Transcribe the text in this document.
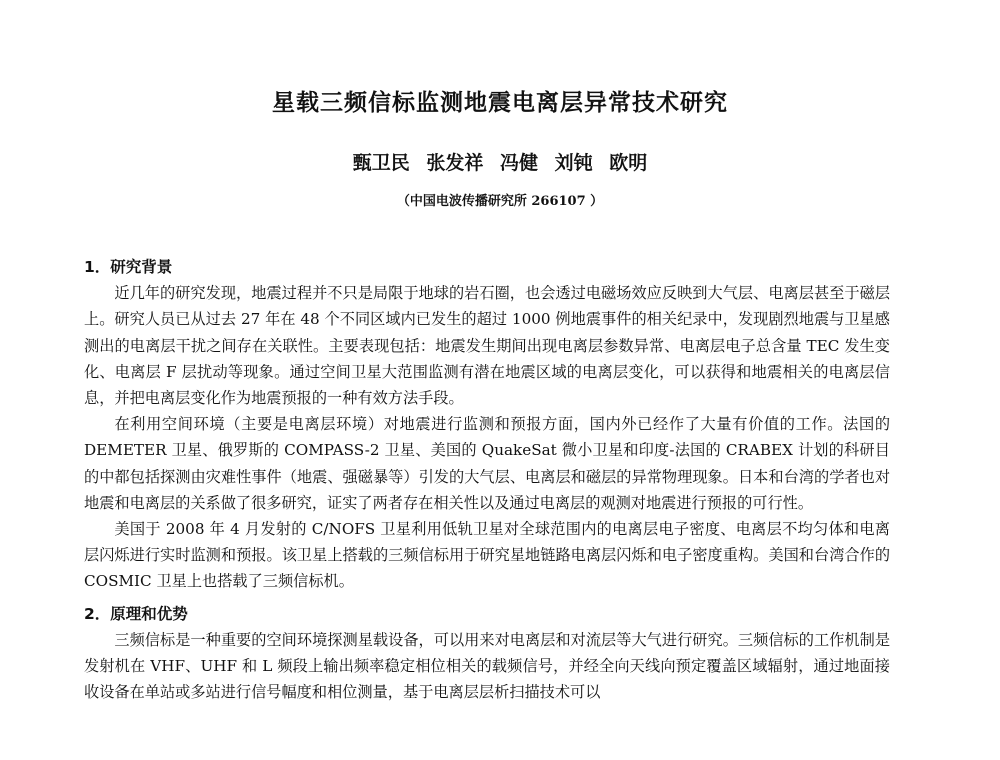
星载三频信标监测地震电离层异常技术研究

甄卫民 张发祥 冯健 刘钝 欧明

（中国电波传播研究所 266107 ）

1．研究背景

近几年的研究发现，地震过程并不只是局限于地球的岩石圈，也会透过电磁场效应反映到大气层、电离层甚至于磁层上。研究人员已从过去 27 年在 48 个不同区域内已发生的超过 1000 例地震事件的相关纪录中，发现剧烈地震与卫星感测出的电离层干扰之间存在关联性。主要表现包括：地震发生期间出现电离层参数异常、电离层电子总含量 TEC 发生变化、电离层 F 层扰动等现象。通过空间卫星大范围监测有潜在地震区域的电离层变化，可以获得和地震相关的电离层信息，并把电离层变化作为地震预报的一种有效方法手段。

在利用空间环境（主要是电离层环境）对地震进行监测和预报方面，国内外已经作了大量有价值的工作。法国的 DEMETER 卫星、俄罗斯的 COMPASS-2 卫星、美国的 QuakeSat 微小卫星和印度-法国的 CRABEX 计划的科研目的中都包括探测由灾难性事件（地震、强磁暴等）引发的大气层、电离层和磁层的异常物理现象。日本和台湾的学者也对地震和电离层的关系做了很多研究，证实了两者存在相关性以及通过电离层的观测对地震进行预报的可行性。

美国于 2008 年 4 月发射的 C/NOFS 卫星利用低轨卫星对全球范围内的电离层电子密度、电离层不均匀体和电离层闪烁进行实时监测和预报。该卫星上搭载的三频信标用于研究星地链路电离层闪烁和电子密度重构。美国和台湾合作的 COSMIC 卫星上也搭载了三频信标机。

2．原理和优势

三频信标是一种重要的空间环境探测星载设备，可以用来对电离层和对流层等大气进行研究。三频信标的工作机制是发射机在 VHF、UHF 和 L 频段上输出频率稳定相位相关的载频信号，并经全向天线向预定覆盖区域辐射，通过地面接收设备在单站或多站进行信号幅度和相位测量，基于电离层层析扫描技术可以
